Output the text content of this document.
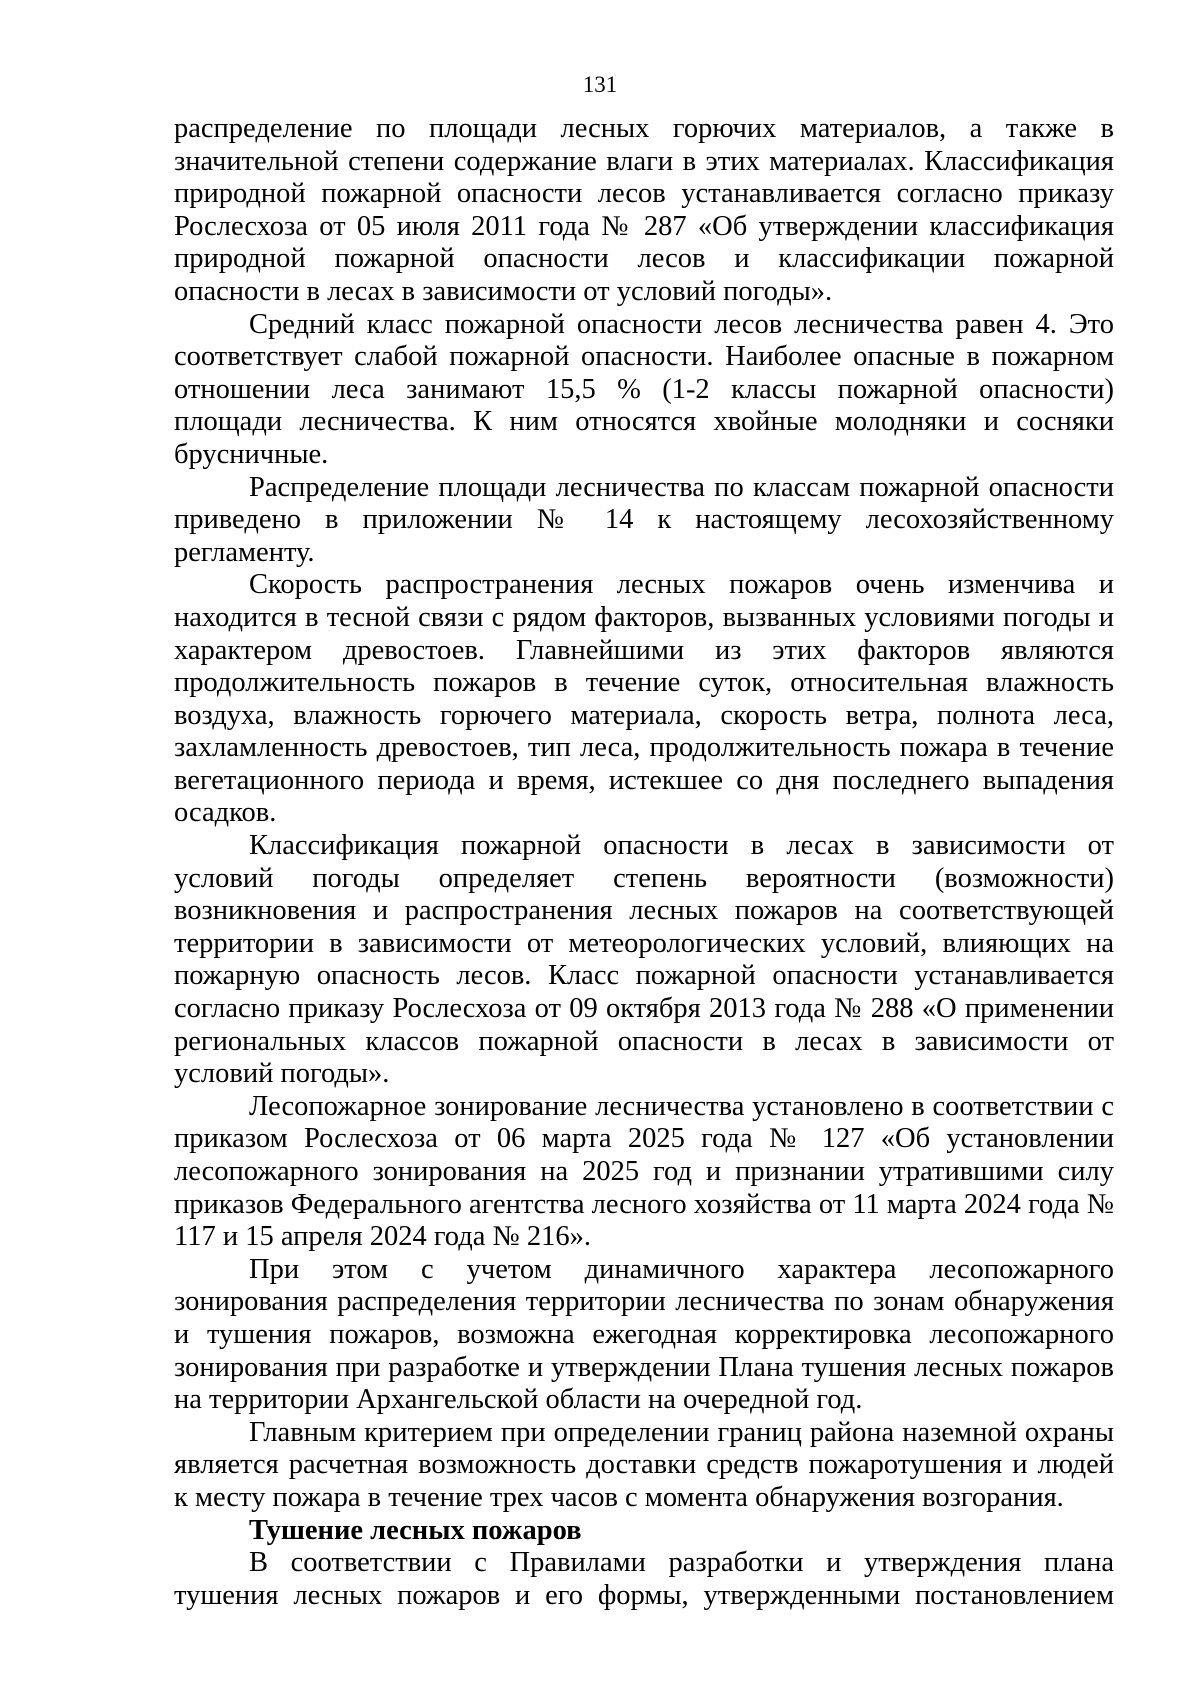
131

распределение по площади лесных горючих материалов, а также в значительной степени содержание влаги в этих материалах. Классификация природной пожарной опасности лесов устанавливается согласно приказу Рослесхоза от 05 июля 2011 года № 287 «Об утверждении классификация природной пожарной опасности лесов и классификации пожарной опасности в лесах в зависимости от условий погоды».

Средний класс пожарной опасности лесов лесничества равен 4. Это соответствует слабой пожарной опасности. Наиболее опасные в пожарном отношении леса занимают 15,5 % (1-2 классы пожарной опасности) площади лесничества. К ним относятся хвойные молодняки и сосняки брусничные.

Распределение площади лесничества по классам пожарной опасности приведено в приложении № 14 к настоящему лесохозяйственному регламенту.

Скорость распространения лесных пожаров очень изменчива и находится в тесной связи с рядом факторов, вызванных условиями погоды и характером древостоев. Главнейшими из этих факторов являются продолжительность пожаров в течение суток, относительная влажность воздуха, влажность горючего материала, скорость ветра, полнота леса, захламленность древостоев, тип леса, продолжительность пожара в течение вегетационного периода и время, истекшее со дня последнего выпадения осадков.

Классификация пожарной опасности в лесах в зависимости от условий погоды определяет степень вероятности (возможности) возникновения и распространения лесных пожаров на соответствующей территории в зависимости от метеорологических условий, влияющих на пожарную опасность лесов. Класс пожарной опасности устанавливается согласно приказу Рослесхоза от 09 октября 2013 года № 288 «О применении региональных классов пожарной опасности в лесах в зависимости от условий погоды».

Лесопожарное зонирование лесничества установлено в соответствии с приказом Рослесхоза от 06 марта 2025 года № 127 «Об установлении лесопожарного зонирования на 2025 год и признании утратившими силу приказов Федерального агентства лесного хозяйства от 11 марта 2024 года № 117 и 15 апреля 2024 года № 216».

При этом с учетом динамичного характера лесопожарного зонирования распределения территории лесничества по зонам обнаружения и тушения пожаров, возможна ежегодная корректировка лесопожарного зонирования при разработке и утверждении Плана тушения лесных пожаров на территории Архангельской области на очередной год.

Главным критерием при определении границ района наземной охраны является расчетная возможность доставки средств пожаротушения и людей к месту пожара в течение трех часов с момента обнаружения возгорания.

Тушение лесных пожаров

В соответствии с Правилами разработки и утверждения плана тушения лесных пожаров и его формы, утвержденными постановлением
